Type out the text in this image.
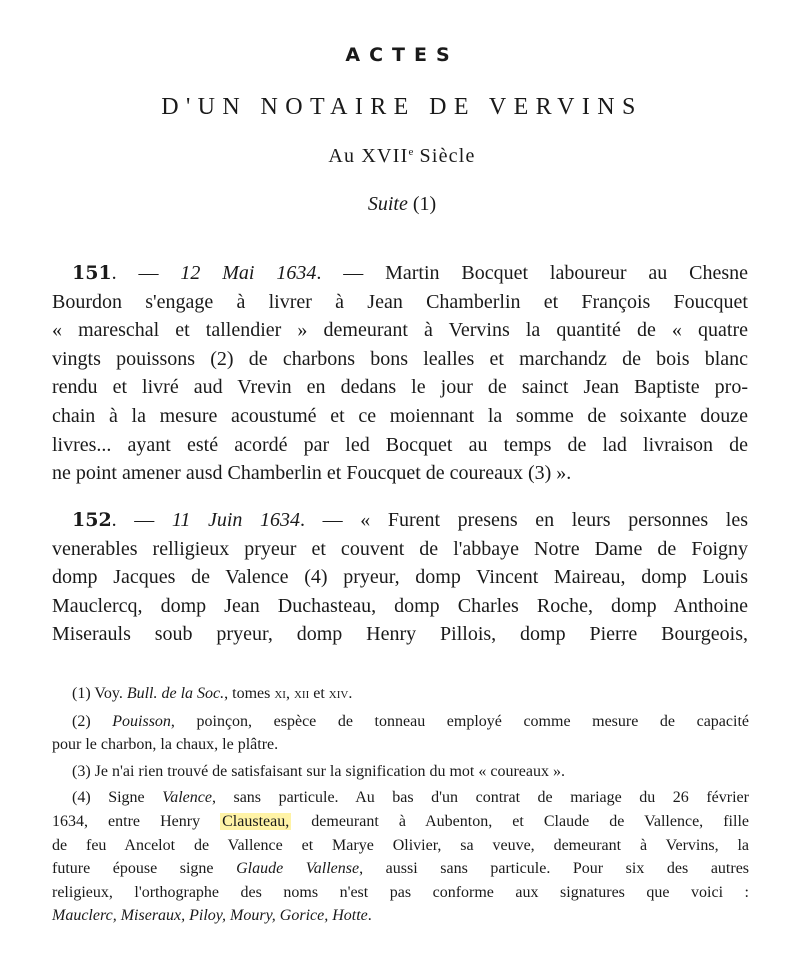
ACTES
D'UN NOTAIRE DE VERVINS
Au XVIIe Siècle
Suite (1)
151. — 12 Mai 1634. — Martin Bocquet laboureur au Chesne
Bourdon s'engage à livrer à Jean Chamberlin et François Foucquet
« mareschal et tallendier » demeurant à Vervins la quantité de « quatre
vingts pouissons (2) de charbons bons lealles et marchandz de bois blanc
rendu et livré aud Vrevin en dedans le jour de sainct Jean Baptiste pro-
chain à la mesure acoustumé et ce moiennant la somme de soixante douze
livres... ayant esté acordé par led Bocquet au temps de lad livraison de
ne point amener ausd Chamberlin et Foucquet de coureaux (3) ».
152. — 11 Juin 1634. — « Furent presens en leurs personnes les
venerables relligieux pryeur et couvent de l'abbaye Notre Dame de Foigny
domp Jacques de Valence (4) pryeur, domp Vincent Maireau, domp Louis
Mauclercq, domp Jean Duchasteau, domp Charles Roche, domp Anthoine
Miserauls soub pryeur, domp Henry Pillois, domp Pierre Bourgeois,
(1) Voy. Bull. de la Soc., tomes xi, xii et xiv.
(2) Pouisson, poinçon, espèce de tonneau employé comme mesure de capacité
pour le charbon, la chaux, le plâtre.
(3) Je n'ai rien trouvé de satisfaisant sur la signification du mot « coureaux ».
(4) Signe Valence, sans particule. Au bas d'un contrat de mariage du 26 février
1634, entre Henry Clausteau, demeurant à Aubenton, et Claude de Vallence, fille
de feu Ancelot de Vallence et Marye Olivier, sa veuve, demeurant à Vervins, la
future épouse signe Glaude Vallense, aussi sans particule. Pour six des autres
religieux, l'orthographe des noms n'est pas conforme aux signatures que voici :
Mauclerc, Miseraux, Piloy, Moury, Gorice, Hotte.
